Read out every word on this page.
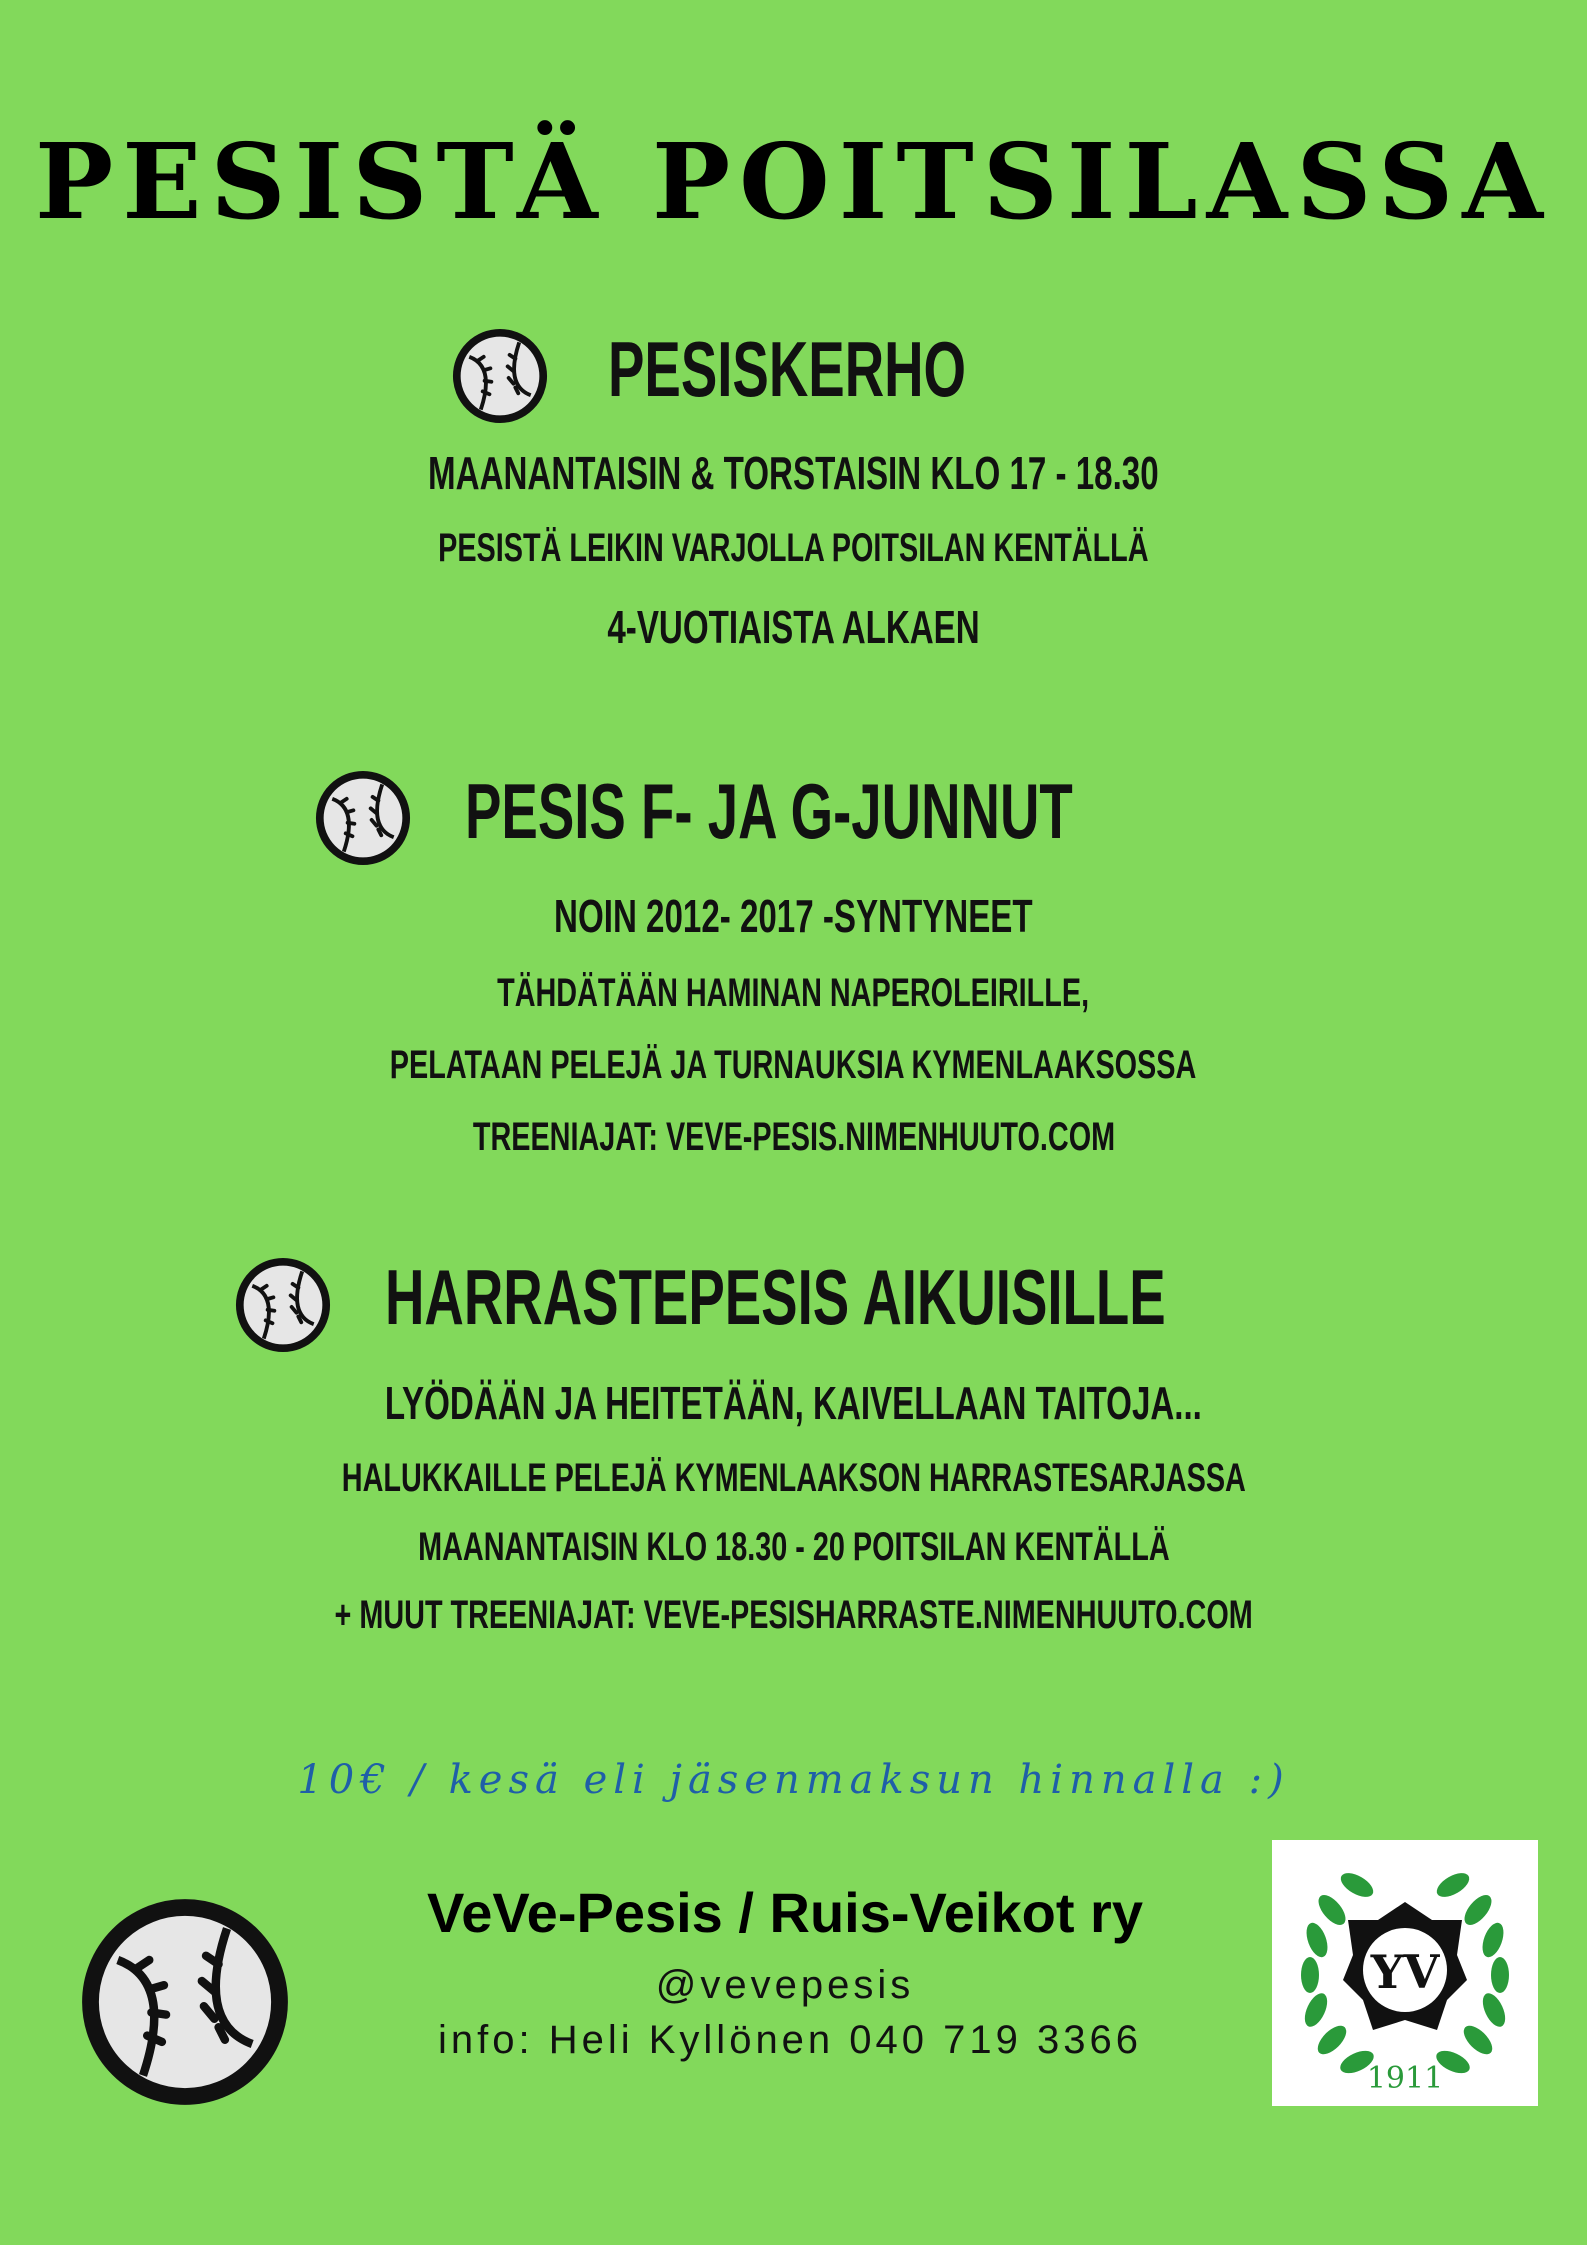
PESISTÄ POITSILASSA
PESISKERHO
MAANANTAISIN & TORSTAISIN KLO 17 - 18.30
PESISTÄ LEIKIN VARJOLLA POITSILAN KENTÄLLÄ
4-VUOTIAISTA ALKAEN
PESIS F- JA G-JUNNUT
NOIN 2012- 2017 -SYNTYNEET
TÄHDÄTÄÄN HAMINAN NAPEROLEIRILLE,
PELATAAN PELEJÄ JA TURNAUKSIA KYMENLAAKSOSSA
TREENIAJAT: VEVE-PESIS.NIMENHUUTO.COM
HARRASTEPESIS AIKUISILLE
LYÖDÄÄN JA HEITETÄÄN, KAIVELLAAN TAITOJA...
HALUKKAILLE PELEJÄ KYMENLAAKSON HARRASTESARJASSA
MAANANTAISIN KLO 18.30 - 20 POITSILAN KENTÄLLÄ
+ MUUT TREENIAJAT: VEVE-PESISHARRASTE.NIMENHUUTO.COM
10€ / kesä eli jäsenmaksun hinnalla :)
VeVe-Pesis / Ruis-Veikot ry
@vevepesis
info: Heli Kyllönen 040 719 3366
YV
1911
